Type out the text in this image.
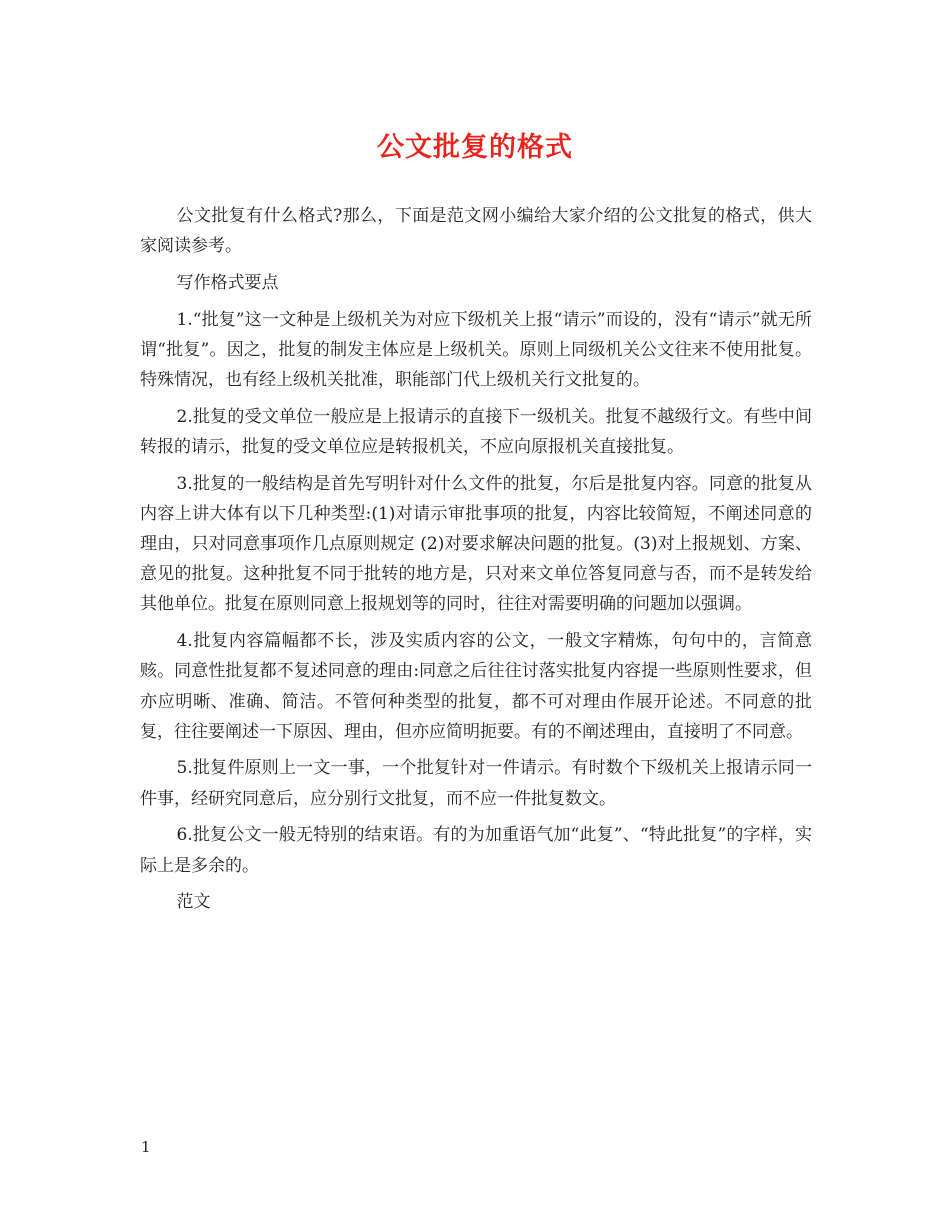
公文批复的格式

公文批复有什么格式?那么，下面是范文网小编给大家介绍的公文批复的格式，供大家阅读参考。

写作格式要点

1.“批复”这一文种是上级机关为对应下级机关上报“请示”而设的，没有“请示”就无所谓“批复”。因之，批复的制发主体应是上级机关。原则上同级机关公文往来不使用批复。特殊情况，也有经上级机关批准，职能部门代上级机关行文批复的。

2.批复的受文单位一般应是上报请示的直接下一级机关。批复不越级行文。有些中间转报的请示，批复的受文单位应是转报机关，不应向原报机关直接批复。

3.批复的一般结构是首先写明针对什么文件的批复，尔后是批复内容。同意的批复从内容上讲大体有以下几种类型:(1)对请示审批事项的批复，内容比较简短，不阐述同意的理由，只对同意事项作几点原则规定 (2)对要求解决问题的批复。(3)对上报规划、方案、意见的批复。这种批复不同于批转的地方是，只对来文单位答复同意与否，而不是转发给其他单位。批复在原则同意上报规划等的同时，往往对需要明确的问题加以强调。

4.批复内容篇幅都不长，涉及实质内容的公文，一般文字精炼，句句中的，言简意赅。同意性批复都不复述同意的理由:同意之后往往讨落实批复内容提一些原则性要求，但亦应明晰、准确、简洁。不管何种类型的批复，都不可对理由作展开论述。不同意的批复，往往要阐述一下原因、理由，但亦应简明扼要。有的不阐述理由，直接明了不同意。

5.批复件原则上一文一事，一个批复针对一件请示。有时数个下级机关上报请示同一件事，经研究同意后，应分别行文批复，而不应一件批复数文。

6.批复公文一般无特别的结束语。有的为加重语气加“此复”、“特此批复”的字样，实际上是多余的。

范文

1
